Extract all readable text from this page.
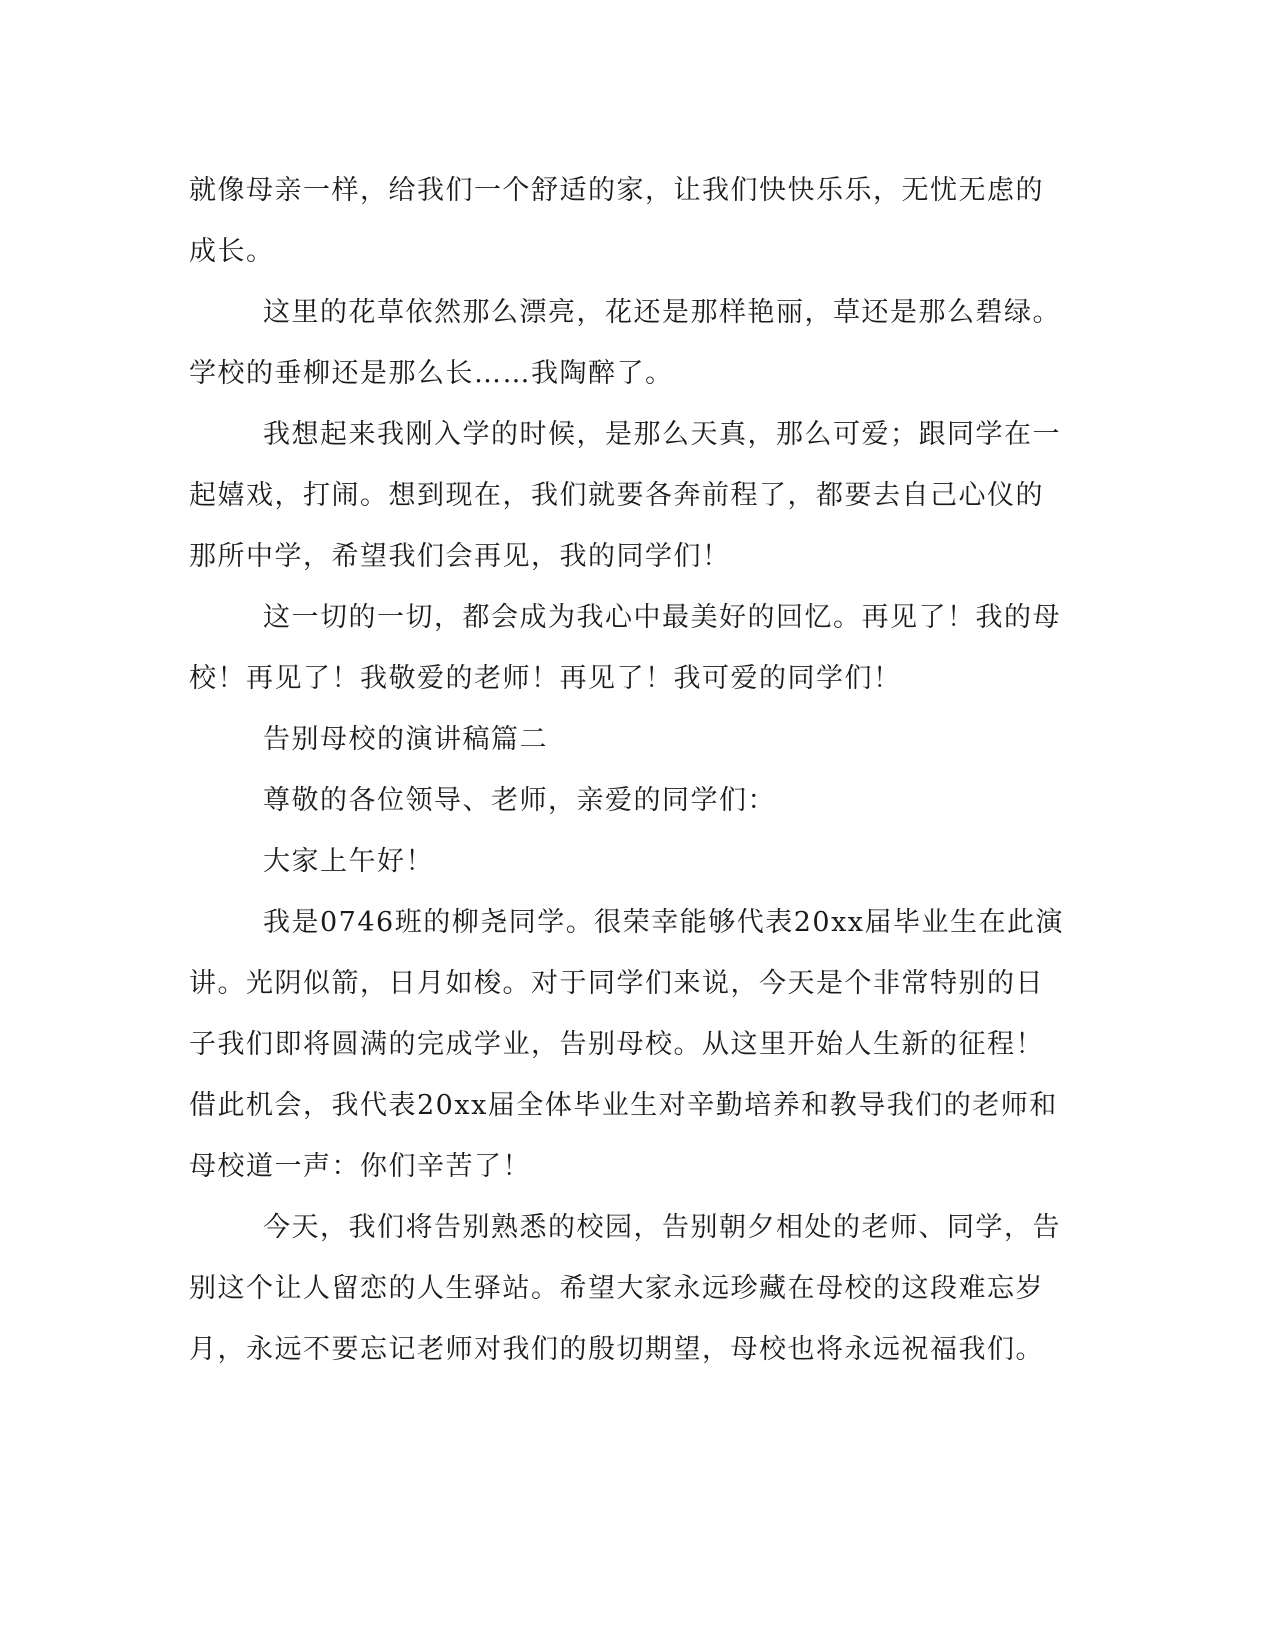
就像母亲一样，给我们一个舒适的家，让我们快快乐乐，无忧无虑的成长。

这里的花草依然那么漂亮，花还是那样艳丽，草还是那么碧绿。学校的垂柳还是那么长……我陶醉了。

我想起来我刚入学的时候，是那么天真，那么可爱；跟同学在一起嬉戏，打闹。想到现在，我们就要各奔前程了，都要去自己心仪的那所中学，希望我们会再见，我的同学们！

这一切的一切，都会成为我心中最美好的回忆。再见了！我的母校！再见了！我敬爱的老师！再见了！我可爱的同学们！

告别母校的演讲稿篇二

尊敬的各位领导、老师，亲爱的同学们：

大家上午好！

我是0746班的柳尧同学。很荣幸能够代表20xx届毕业生在此演讲。光阴似箭，日月如梭。对于同学们来说，今天是个非常特别的日子我们即将圆满的完成学业，告别母校。从这里开始人生新的征程！借此机会，我代表20xx届全体毕业生对辛勤培养和教导我们的老师和母校道一声：你们辛苦了！

今天，我们将告别熟悉的校园，告别朝夕相处的老师、同学，告别这个让人留恋的人生驿站。希望大家永远珍藏在母校的这段难忘岁月，永远不要忘记老师对我们的殷切期望，母校也将永远祝福我们。
